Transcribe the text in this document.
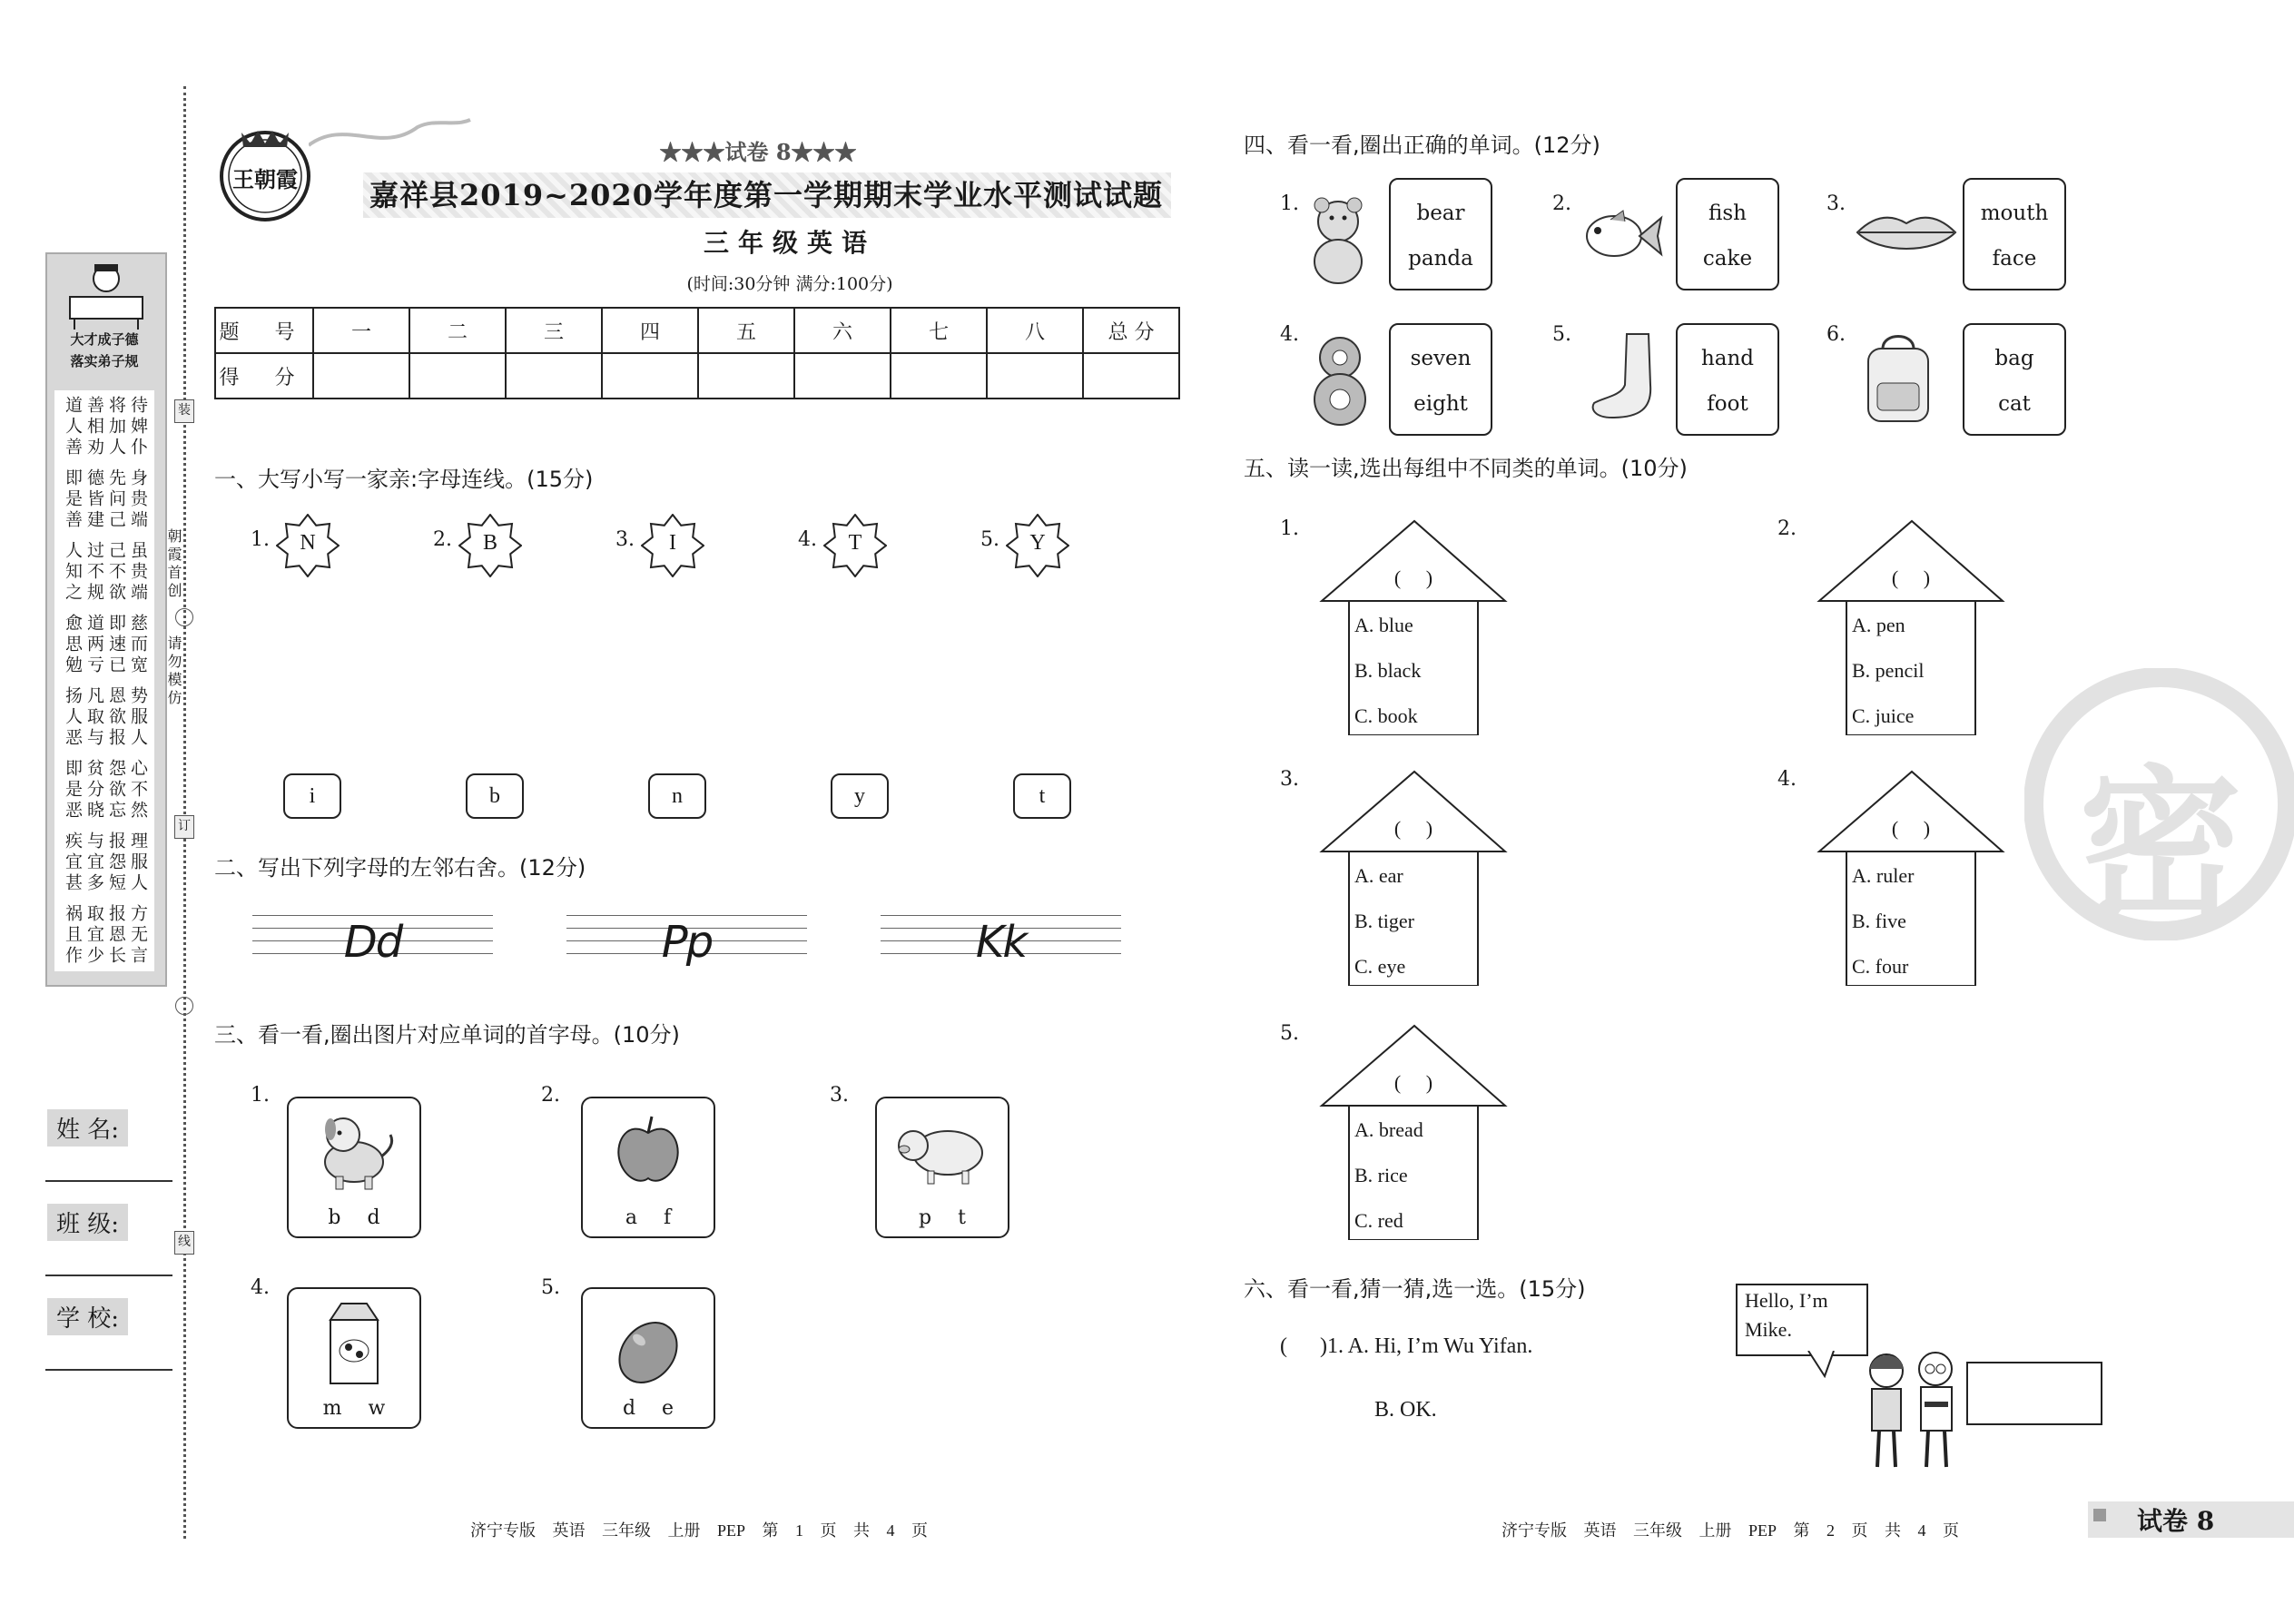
大才成子德
落实弟子规
待婢仆
将加人
善相劝
道人善
身贵端
先问己
德皆建
即是善
虽贵端
己不欲
过不规
人知之
慈而宽
即速已
道两亏
愈思勉
势服人
恩欲报
凡取与
扬人恶
心不然
怨欲忘
贫分晓
即是恶
理服人
报怨短
与宜多
疾宜甚
方无言
报恩长
取宜少
祸且作
朝霞首创
请勿模仿
装
订
线
姓 名:
班 级:
学 校:
王朝霞
★★★试卷 8★★★
嘉祥县2019~2020学年度第一学期期末学业水平测试试题
三年级英语
(时间:30分钟 满分:100分)
题 号	一	二	三	四	五	六	七	八	总 分
得 分									
一、大写小写一家亲:字母连线。(15分)
1.	N
i
2.	B
b
3.	I
n
4.	T
y
5.	Y
t
二、写出下列字母的左邻右舍。(12分)
Dd	Pp	Kk
三、看一看,圈出图片对应单词的首字母。(10分)
1.
b d
2.
a f
3.
p t
4.
m w
5.
d e
四、看一看,圈出正确的单词。(12分)
1.	bear
panda
2.	fish
cake
3.	mouth
face
4.
seven
eight
5.
hand
foot
6.
bag
cat
五、读一读,选出每组中不同类的单词。(10分)
1.
(     )
A. blue
B. black
C. book
2.
(     )
A. pen
B. pencil
C. juice
3.
(     )
A. ear
B. tiger
C. eye
4.
(     )
A. ruler
B. five
C. four
5.
(     )
A. bread
B. rice
C. red
六、看一看,猜一猜,选一选。(15分)
(      )1. A. Hi, I’m Wu Yifan.
B. OK.
Hello, I’m
Mike.
密
济宁专版 英语 三年级 上册 PEP 第 1 页 共 4 页	济宁专版 英语 三年级 上册 PEP 第 2 页 共 4 页	试卷 8
